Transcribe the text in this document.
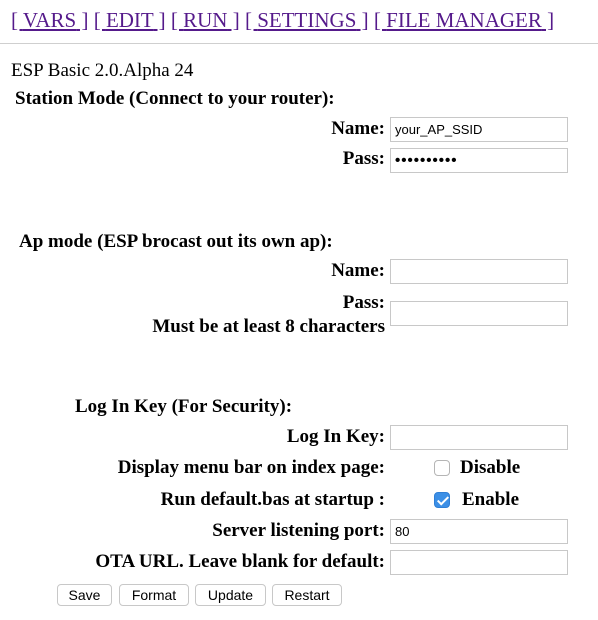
[ VARS ] [ EDIT ] [ RUN ] [ SETTINGS ] [ FILE MANAGER ]
ESP Basic 2.0.Alpha 24
Station Mode (Connect to your router):
Name: your_AP_SSID
Pass: ••••••••••
Ap mode (ESP brocast out its own ap):
Name:
Pass:
Must be at least 8 characters
Log In Key (For Security):
Log In Key:
Display menu bar on index page:	Disable
Run default.bas at startup :	Enable
Server listening port: 80
OTA URL. Leave blank for default:
Save	Format	Update	Restart
